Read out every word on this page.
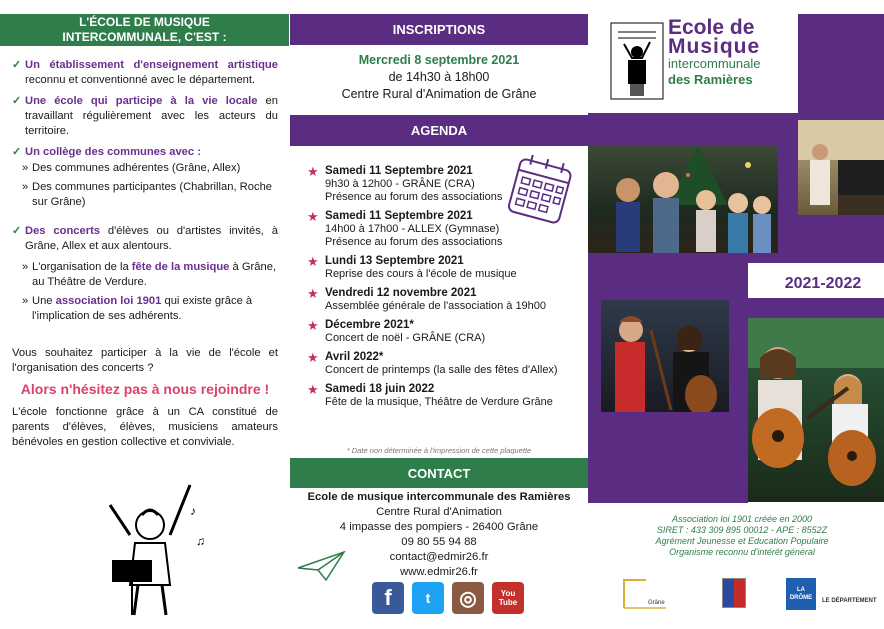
L'ÉCOLE DE MUSIQUE
INTERCOMMUNALE, C'EST :
✓ Un établissement d'enseignement artistique reconnu et conventionné avec le département.
✓ Une école qui participe à la vie locale en travaillant régulièrement avec les acteurs du territoire.
✓ Un collège des communes avec :
» Des communes adhérentes (Grâne, Allex)
» Des communes participantes (Chabrillan, Roche sur Grâne)
✓ Des concerts d'élèves ou d'artistes invités, à Grâne, Allex et aux alentours.
» L'organisation de la fête de la musique à Grâne, au Théâtre de Verdure.
» Une association loi 1901 qui existe grâce à l'implication de ses adhérents.
Vous souhaitez participer à la vie de l'école et l'organisation des concerts ?
Alors n'hésitez pas à nous rejoindre !
L'école fonctionne grâce à un CA constitué de parents d'élèves, élèves, musiciens amateurs bénévoles en gestion collective et conviviale.
♪
♫
INSCRIPTIONS
Mercredi 8 septembre 2021
de 14h30 à 18h00
Centre Rural d'Animation de Grâne
AGENDA
★ Samedi 11 Septembre 2021
9h30 à 12h00 - GRÂNE (CRA)
Présence au forum des associations
★ Samedi 11 Septembre 2021
14h00 à 17h00 - ALLEX (Gymnase)
Présence au forum des associations
★ Lundi 13 Septembre 2021
Reprise des cours à l'école de musique
★ Vendredi 12 novembre 2021
Assemblée générale de l'association à 19h00
★ Décembre 2021*
Concert de noël - GRÂNE (CRA)
★ Avril 2022*
Concert de printemps (la salle des fêtes d'Allex)
★ Samedi 18 juin 2022
Fête de la musique, Théâtre de Verdure Grâne
* Date non déterminée à l'impression de cette plaquette
CONTACT
Ecole de musique intercommunale des Ramières
Centre Rural d'Animation
4 impasse des pompiers - 26400 Grâne
09 80 55 94 88
contact@edmir26.fr
www.edmir26.fr
f	t	◎	You Tube
Ecole de
Musique
intercommunale
des Ramières
2021-2022
Association loi 1901 créée en 2000
SIRET : 433 309 895 00012 - APE : 8552Z
Agrément Jeunesse et Education Populaire
Organisme reconnu d'intérêt général
Grâne
LA DRÔME	LE DÉPARTEMENT
